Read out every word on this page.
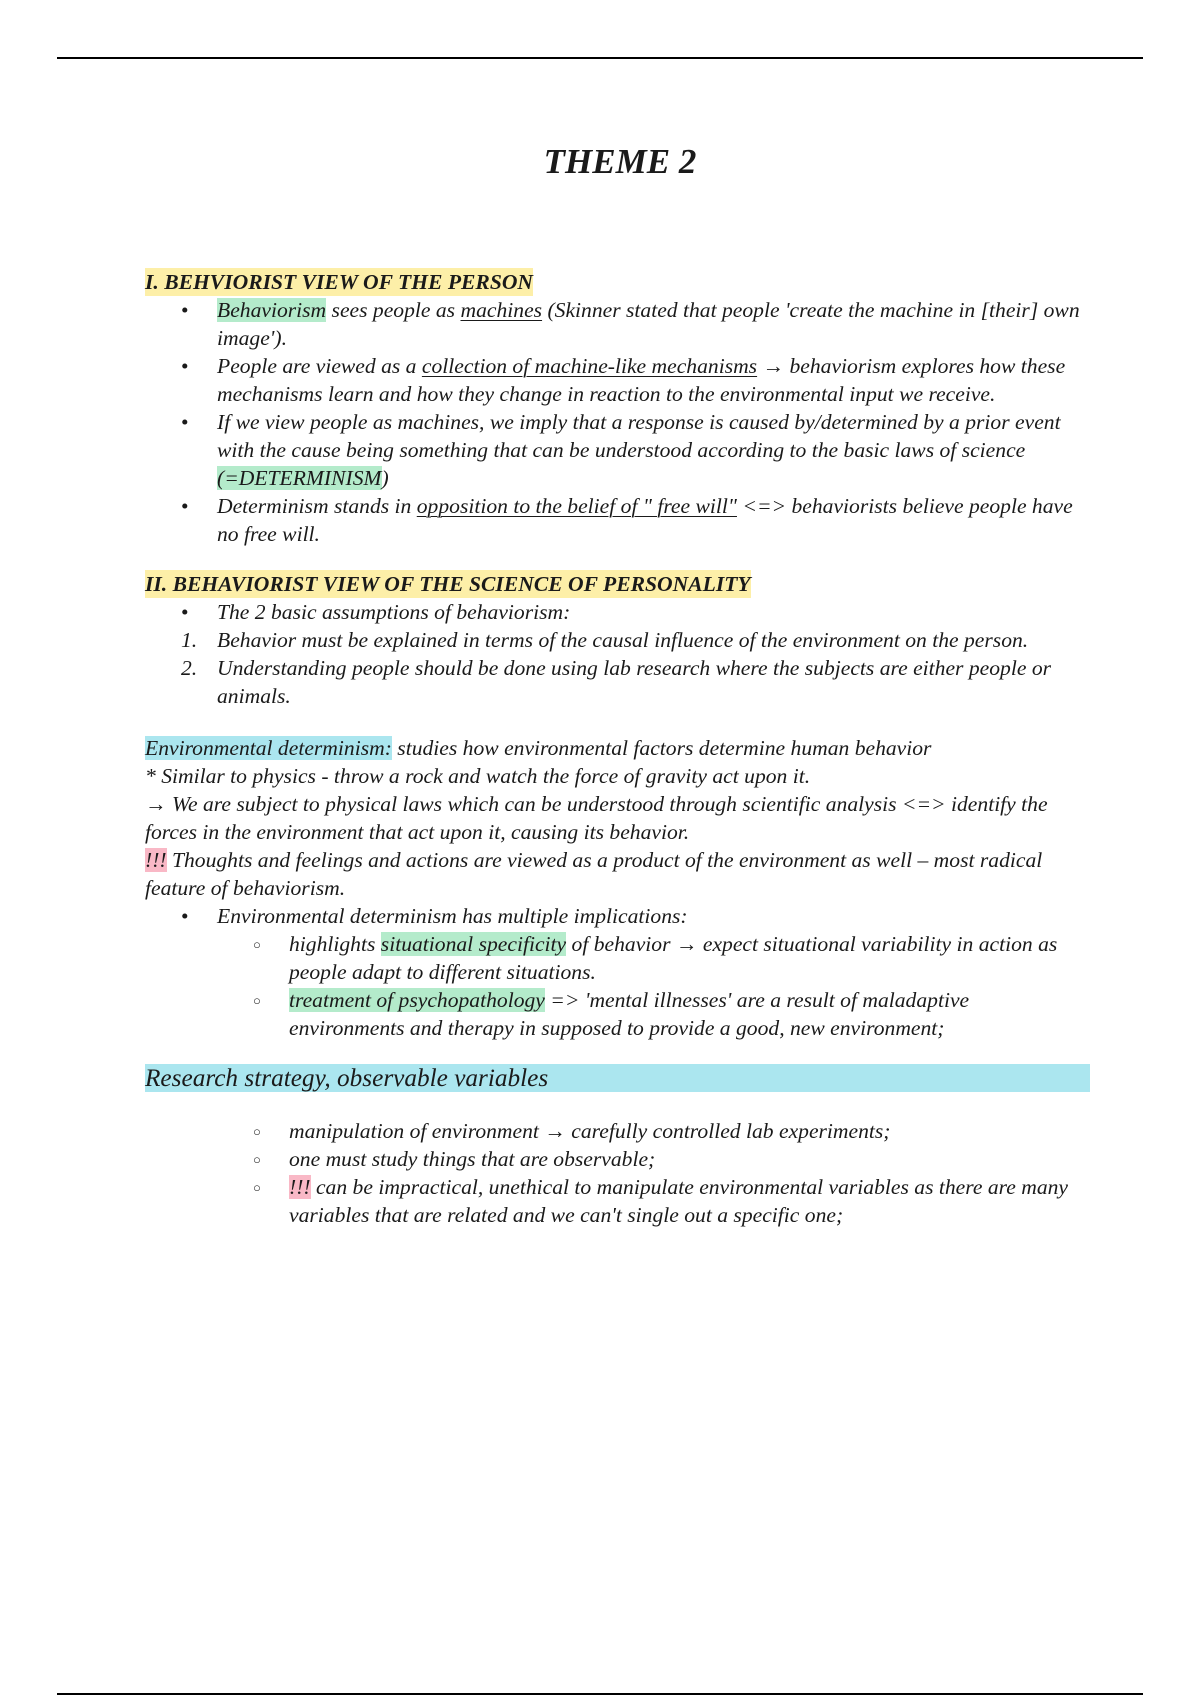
THEME 2
I. BEHVIORIST VIEW OF THE PERSON
• Behaviorism sees people as machines (Skinner stated that people 'create the machine in [their] own image').
• People are viewed as a collection of machine-like mechanisms → behaviorism explores how these mechanisms learn and how they change in reaction to the environmental input we receive.
• If we view people as machines, we imply that a response is caused by/determined by a prior event with the cause being something that can be understood according to the basic laws of science (=DETERMINISM)
• Determinism stands in opposition to the belief of " free will" <=> behaviorists believe people have no free will.
II. BEHAVIORIST VIEW OF THE SCIENCE OF PERSONALITY
• The 2 basic assumptions of behaviorism:
1. Behavior must be explained in terms of the causal influence of the environment on the person.
2. Understanding people should be done using lab research where the subjects are either people or animals.

Environmental determinism: studies how environmental factors determine human behavior

* Similar to physics - throw a rock and watch the force of gravity act upon it.

→ We are subject to physical laws which can be understood through scientific analysis <=> identify the forces in the environment that act upon it, causing its behavior.

!!! Thoughts and feelings and actions are viewed as a product of the environment as well – most radical feature of behaviorism.

• Environmental determinism has multiple implications:
○ highlights situational specificity of behavior → expect situational variability in action as people adapt to different situations.
○ treatment of psychopathology => 'mental illnesses' are a result of maladaptive environments and therapy in supposed to provide a good, new environment;
Research strategy, observable variables
○ manipulation of environment → carefully controlled lab experiments;
○ one must study things that are observable;
○ !!! can be impractical, unethical to manipulate environmental variables as there are many variables that are related and we can't single out a specific one;
